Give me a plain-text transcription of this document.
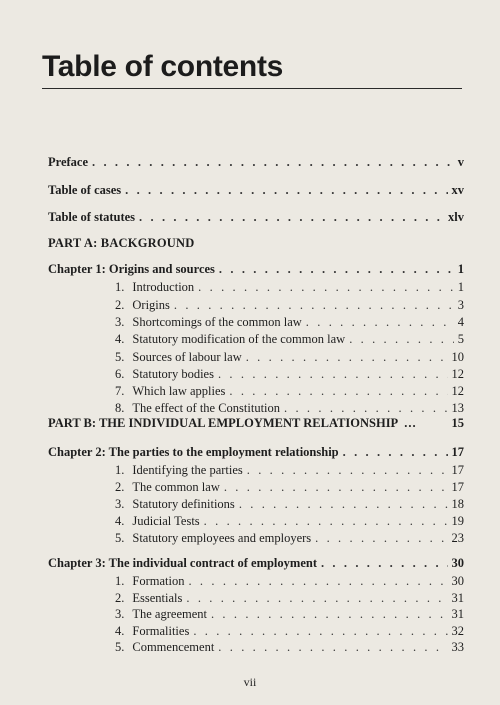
Table of contents
Preface . . .	v
Table of cases . . .	xv
Table of statutes . . .	xlv
PART A: BACKGROUND
Chapter 1: Origins and sources . . .	1
1. Introduction . . .	1
2. Origins . . .	3
3. Shortcomings of the common law . . .	4
4. Statutory modification of the common law . . .	5
5. Sources of labour law . . .	10
6. Statutory bodies . . .	12
7. Which law applies . . .	12
8. The effect of the Constitution . . .	13
PART B: THE INDIVIDUAL EMPLOYMENT RELATIONSHIP ...	15
Chapter 2: The parties to the employment relationship . . .	17
1. Identifying the parties . . .	17
2. The common law . . .	17
3. Statutory definitions . . .	18
4. Judicial Tests . . .	19
5. Statutory employees and employers . . .	23
Chapter 3: The individual contract of employment . . .	30
1. Formation . . .	30
2. Essentials . . .	31
3. The agreement . . .	31
4. Formalities . . .	32
5. Commencement . . .	33
vii
